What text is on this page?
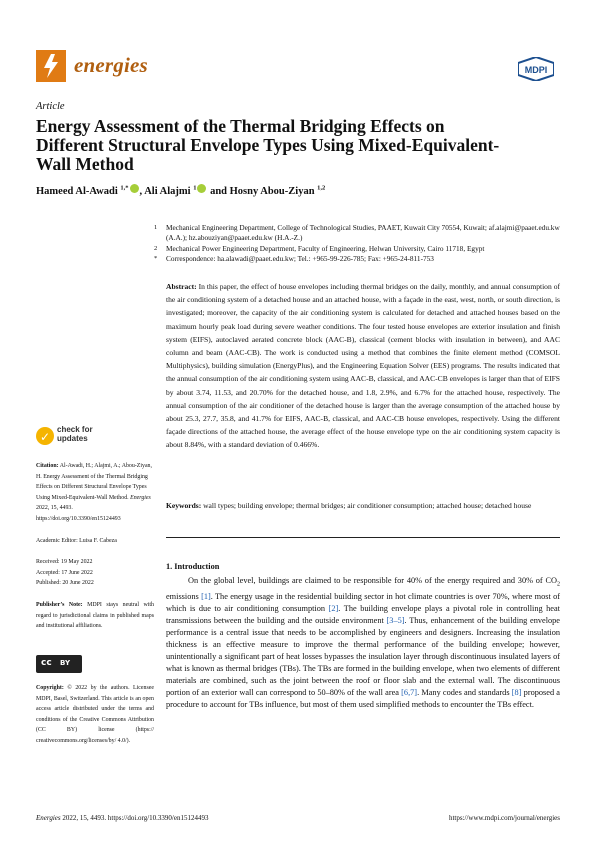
energies	MDPI
Article
Energy Assessment of the Thermal Bridging Effects on Different Structural Envelope Types Using Mixed-Equivalent-Wall Method
Hameed Al-Awadi $^{1,*}$ , Ali Alajmi $^1$ and Hosny Abou-Ziyan $^{1,2}$
1 Mechanical Engineering Department, College of Technological Studies, PAAET, Kuwait City 70554, Kuwait; af.alajmi@paaet.edu.kw (A.A.); hz.abouziyan@paaet.edu.kw (H.A.-Z.)
2 Mechanical Power Engineering Department, Faculty of Engineering, Helwan University, Cairo 11718, Egypt
* Correspondence: ha.alawadi@paaet.edu.kw; Tel.: +965-99-226-785; Fax: +965-24-811-753
Abstract: In this paper, the effect of house envelopes including thermal bridges on the daily, monthly, and annual consumption of the air conditioning system of a detached house and an attached house, with a façade in the east, west, north, or south direction, is investigated; moreover, the capacity of the air conditioning system is calculated for detached and attached houses based on the maximum hourly peak load during severe weather conditions. The four tested house envelopes are exterior insulation and finish system (EIFS), autoclaved aerated concrete block (AAC-B), classical (cement blocks with insulation in between), and AAC column and beam (AAC-CB). The work is conducted using a method that combines the finite element method (COMSOL Multiphysics), building simulation (EnergyPlus), and the Engineering Equation Solver (EES) programs. The results indicated that the annual consumption of the air conditioning system using AAC-B, classical, and AAC-CB envelopes is larger than that of EIFS by about 3.74, 11.53, and 20.70% for the detached house, and 1.8, 2.9%, and 6.7% for the attached house, respectively. The annual consumption of the air conditioner of the detached house is larger than the average consumption of the attached house by about 25.3, 27.7, 35.8, and 41.7% for EIFS, AAC-B, classical, and AAC-CB house envelopes, respectively. Using the different façade directions of the attached house, the average effect of the house envelope type on the air conditioning system capacity is about 8.84%, with a standard deviation of 0.466%.
Keywords: wall types; building envelope; thermal bridges; air conditioner consumption; attached house; detached house
✓
check for
updates
Citation: Al-Awadi, H.; Alajmi, A.; Abou-Ziyan, H. Energy Assessment of the Thermal Bridging Effects on Different Structural Envelope Types Using Mixed-Equivalent-Wall Method. Energies 2022, 15, 4493. https://doi.org/10.3390/en15124493
Academic Editor: Luisa F. Cabeza
Received: 19 May 2022
Accepted: 17 June 2022
Published: 20 June 2022
Publisher’s Note: MDPI stays neutral with regard to jurisdictional claims in published maps and institutional affiliations.
cc BY
Copyright: © 2022 by the authors. Licensee MDPI, Basel, Switzerland. This article is an open access article distributed under the terms and conditions of the Creative Commons Attribution (CC BY) license (https:// creativecommons.org/licenses/by/ 4.0/).
1. Introduction
On the global level, buildings are claimed to be responsible for 40% of the energy required and 30% of $CO_2$ emissions [1]. The energy usage in the residential building sector in hot climate countries is over 70%, where most of which is due to air conditioning consumption [2]. The building envelope plays a pivotal role in controlling heat transmissions between the building and the outside environment [3–5]. Thus, enhancement of the building envelope performance is a central issue that needs to be accomplished by engineers and designers. Increasing the insulation thickness is an effective measure to improve the thermal performance of the building envelope; however, unintentionally a significant part of heat losses bypasses the insulation layer through discontinuous insulated layers of what is known as thermal bridges (TBs). The TBs are formed in the building envelope, when two elements of different materials are combined, such as the joint between the roof or floor slab and the external wall. The discontinuous portion of an exterior wall can correspond to 50–80% of the wall area [6,7]. Many codes and standards [8] proposed a procedure to account for TBs influence, but most of them used simplified methods to encounter the TBs effect.
Energies 2022, 15, 4493. https://doi.org/10.3390/en15124493	https://www.mdpi.com/journal/energies
